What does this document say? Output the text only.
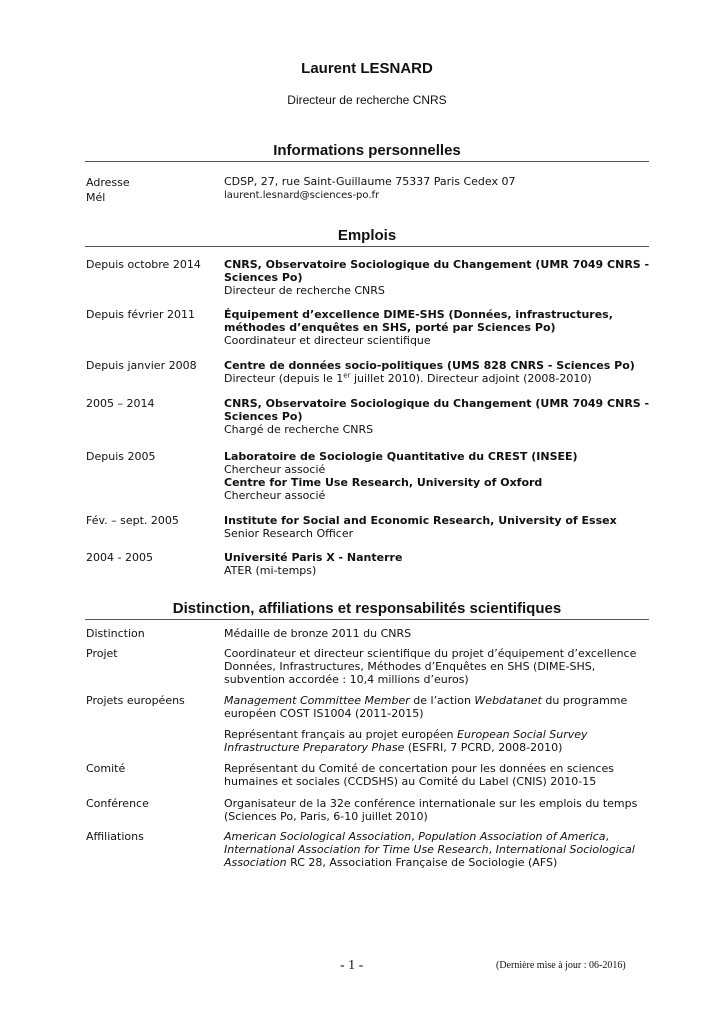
Laurent LESNARD
Directeur de recherche CNRS
Informations personnelles
Adresse	CDSP, 27, rue Saint-Guillaume 75337 Paris Cedex 07
Mél	laurent.lesnard@sciences-po.fr
Emplois
Depuis octobre 2014	CNRS, Observatoire Sociologique du Changement (UMR 7049 CNRS - Sciences Po)
Directeur de recherche CNRS
Depuis février 2011	Équipement d’excellence DIME-SHS (Données, infrastructures, méthodes d’enquêtes en SHS, porté par Sciences Po)
Coordinateur et directeur scientifique
Depuis janvier 2008	Centre de données socio-politiques (UMS 828 CNRS - Sciences Po)
Directeur (depuis le 1er juillet 2010). Directeur adjoint (2008-2010)
2005 – 2014	CNRS, Observatoire Sociologique du Changement (UMR 7049 CNRS - Sciences Po)
Chargé de recherche CNRS
Depuis 2005	Laboratoire de Sociologie Quantitative du CREST (INSEE)
Chercheur associé
Centre for Time Use Research, University of Oxford
Chercheur associé
Fév. – sept. 2005	Institute for Social and Economic Research, University of Essex
Senior Research Officer
2004 - 2005	Université Paris X - Nanterre
ATER (mi-temps)
Distinction, affiliations et responsabilités scientifiques
Distinction	Médaille de bronze 2011 du CNRS
Projet	Coordinateur et directeur scientifique du projet d’équipement d’excellence Données, Infrastructures, Méthodes d’Enquêtes en SHS (DIME-SHS, subvention accordée : 10,4 millions d’euros)
Projets européens	Management Committee Member de l’action Webdatanet du programme européen COST IS1004 (2011-2015)
Représentant français au projet européen European Social Survey Infrastructure Preparatory Phase (ESFRI, 7 PCRD, 2008-2010)
Comité	Représentant du Comité de concertation pour les données en sciences humaines et sociales (CCDSHS) au Comité du Label (CNIS) 2010-15
Conférence	Organisateur de la 32e conférence internationale sur les emplois du temps (Sciences Po, Paris, 6-10 juillet 2010)
Affiliations	American Sociological Association, Population Association of America, International Association for Time Use Research, International Sociological Association RC 28, Association Française de Sociologie (AFS)
- 1 -	(Dernière mise à jour : 06-2016)
